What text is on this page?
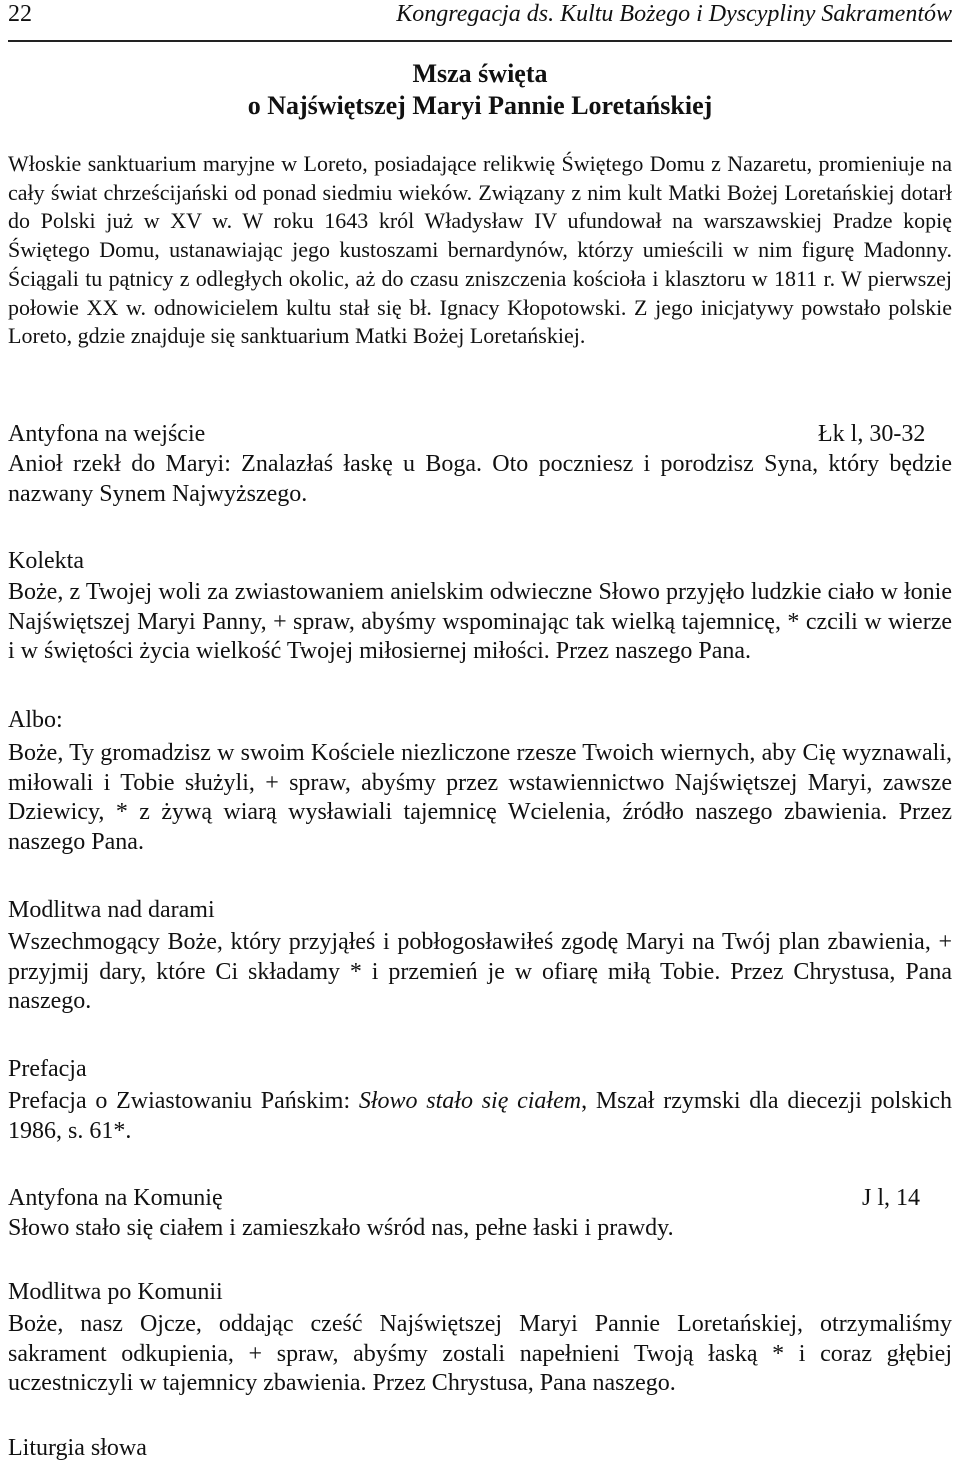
22	Kongregacja ds. Kultu Bożego i Dyscypliny Sakramentów
Msza święta
o Najświętszej Maryi Pannie Loretańskiej
Włoskie sanktuarium maryjne w Loreto, posiadające relikwię Świętego Domu z Nazaretu, promieniuje na cały świat chrześcijański od ponad siedmiu wieków. Związany z nim kult Matki Bożej Loretańskiej dotarł do Polski już w XV w. W roku 1643 król Władysław IV ufundował na warszawskiej Pradze kopię Świętego Domu, ustanawiając jego kustoszami bernardynów, którzy umieścili w nim figurę Madonny. Ściągali tu pątnicy z odległych okolic, aż do czasu zniszczenia kościoła i klasztoru w 1811 r. W pierwszej połowie XX w. odnowicielem kultu stał się bł. Ignacy Kłopotowski. Z jego inicjatywy powstało polskie Loreto, gdzie znajduje się sanktuarium Matki Bożej Loretańskiej.
Antyfona na wejście	Łk l, 30-32
Anioł rzekł do Maryi: Znalazłaś łaskę u Boga. Oto poczniesz i porodzisz Syna, który będzie nazwany Synem Najwyższego.
Kolekta
Boże, z Twojej woli za zwiastowaniem anielskim odwieczne Słowo przyjęło ludzkie ciało w łonie Najświętszej Maryi Panny, + spraw, abyśmy wspominając tak wielką tajemnicę, * czcili w wierze i w świętości życia wielkość Twojej miłosiernej miłości. Przez naszego Pana.
Albo:
Boże, Ty gromadzisz w swoim Kościele niezliczone rzesze Twoich wiernych, aby Cię wyznawali, miłowali i Tobie służyli, + spraw, abyśmy przez wstawiennictwo Najświętszej Maryi, zawsze Dziewicy, * z żywą wiarą wysławiali tajemnicę Wcielenia, źródło naszego zbawienia. Przez naszego Pana.
Modlitwa nad darami
Wszechmogący Boże, który przyjąłeś i pobłogosławiłeś zgodę Maryi na Twój plan zbawienia, + przyjmij dary, które Ci składamy * i przemień je w ofiarę miłą Tobie. Przez Chrystusa, Pana naszego.
Prefacja
Prefacja o Zwiastowaniu Pańskim: Słowo stało się ciałem, Mszał rzymski dla diecezji polskich 1986, s. 61*.
Antyfona na Komunię	J l, 14
Słowo stało się ciałem i zamieszkało wśród nas, pełne łaski i prawdy.
Modlitwa po Komunii
Boże, nasz Ojcze, oddając cześć Najświętszej Maryi Pannie Loretańskiej, otrzymaliśmy sakrament odkupienia, + spraw, abyśmy zostali napełnieni Twoją łaską * i coraz głębiej uczestniczyli w tajemnicy zbawienia. Przez Chrystusa, Pana naszego.
Liturgia słowa
